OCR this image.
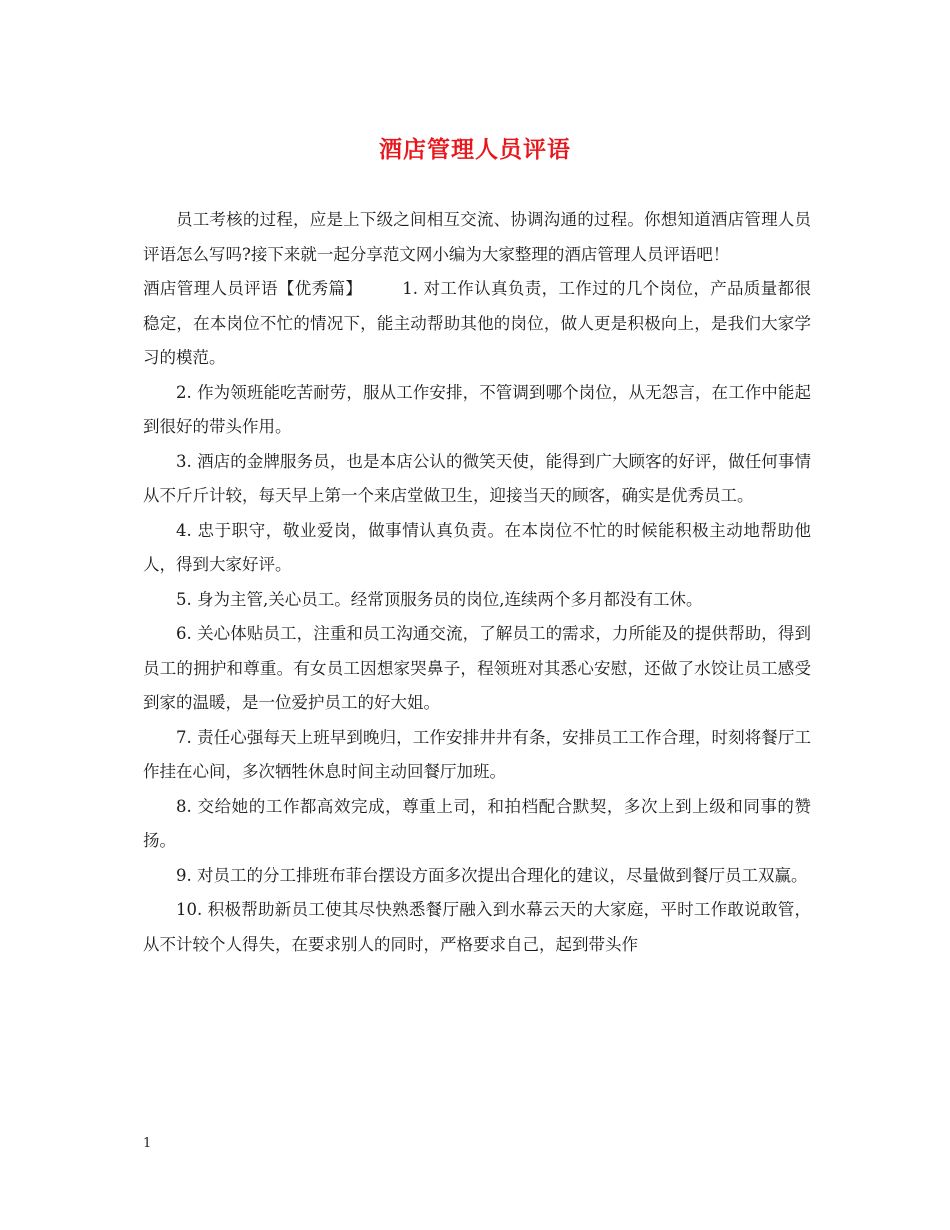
酒店管理人员评语

员工考核的过程，应是上下级之间相互交流、协调沟通的过程。你想知道酒店管理人员评语怎么写吗?接下来就一起分享范文网小编为大家整理的酒店管理人员评语吧！

酒店管理人员评语【优秀篇】 1. 对工作认真负责，工作过的几个岗位，产品质量都很稳定，在本岗位不忙的情况下，能主动帮助其他的岗位，做人更是积极向上，是我们大家学习的模范。

2. 作为领班能吃苦耐劳，服从工作安排，不管调到哪个岗位，从无怨言，在工作中能起到很好的带头作用。

3. 酒店的金牌服务员，也是本店公认的微笑天使，能得到广大顾客的好评，做任何事情从不斤斤计较，每天早上第一个来店堂做卫生，迎接当天的顾客，确实是优秀员工。

4. 忠于职守，敬业爱岗，做事情认真负责。在本岗位不忙的时候能积极主动地帮助他人，得到大家好评。

5. 身为主管,关心员工。经常顶服务员的岗位,连续两个多月都没有工休。

6. 关心体贴员工，注重和员工沟通交流，了解员工的需求，力所能及的提供帮助，得到员工的拥护和尊重。有女员工因想家哭鼻子，程领班对其悉心安慰，还做了水饺让员工感受到家的温暖，是一位爱护员工的好大姐。

7. 责任心强每天上班早到晚归，工作安排井井有条，安排员工工作合理，时刻将餐厅工作挂在心间，多次牺牲休息时间主动回餐厅加班。

8. 交给她的工作都高效完成，尊重上司，和拍档配合默契，多次上到上级和同事的赞扬。

9. 对员工的分工排班布菲台摆设方面多次提出合理化的建议，尽量做到餐厅员工双赢。

10. 积极帮助新员工使其尽快熟悉餐厅融入到水幕云天的大家庭，平时工作敢说敢管，从不计较个人得失，在要求别人的同时，严格要求自己，起到带头作

1
